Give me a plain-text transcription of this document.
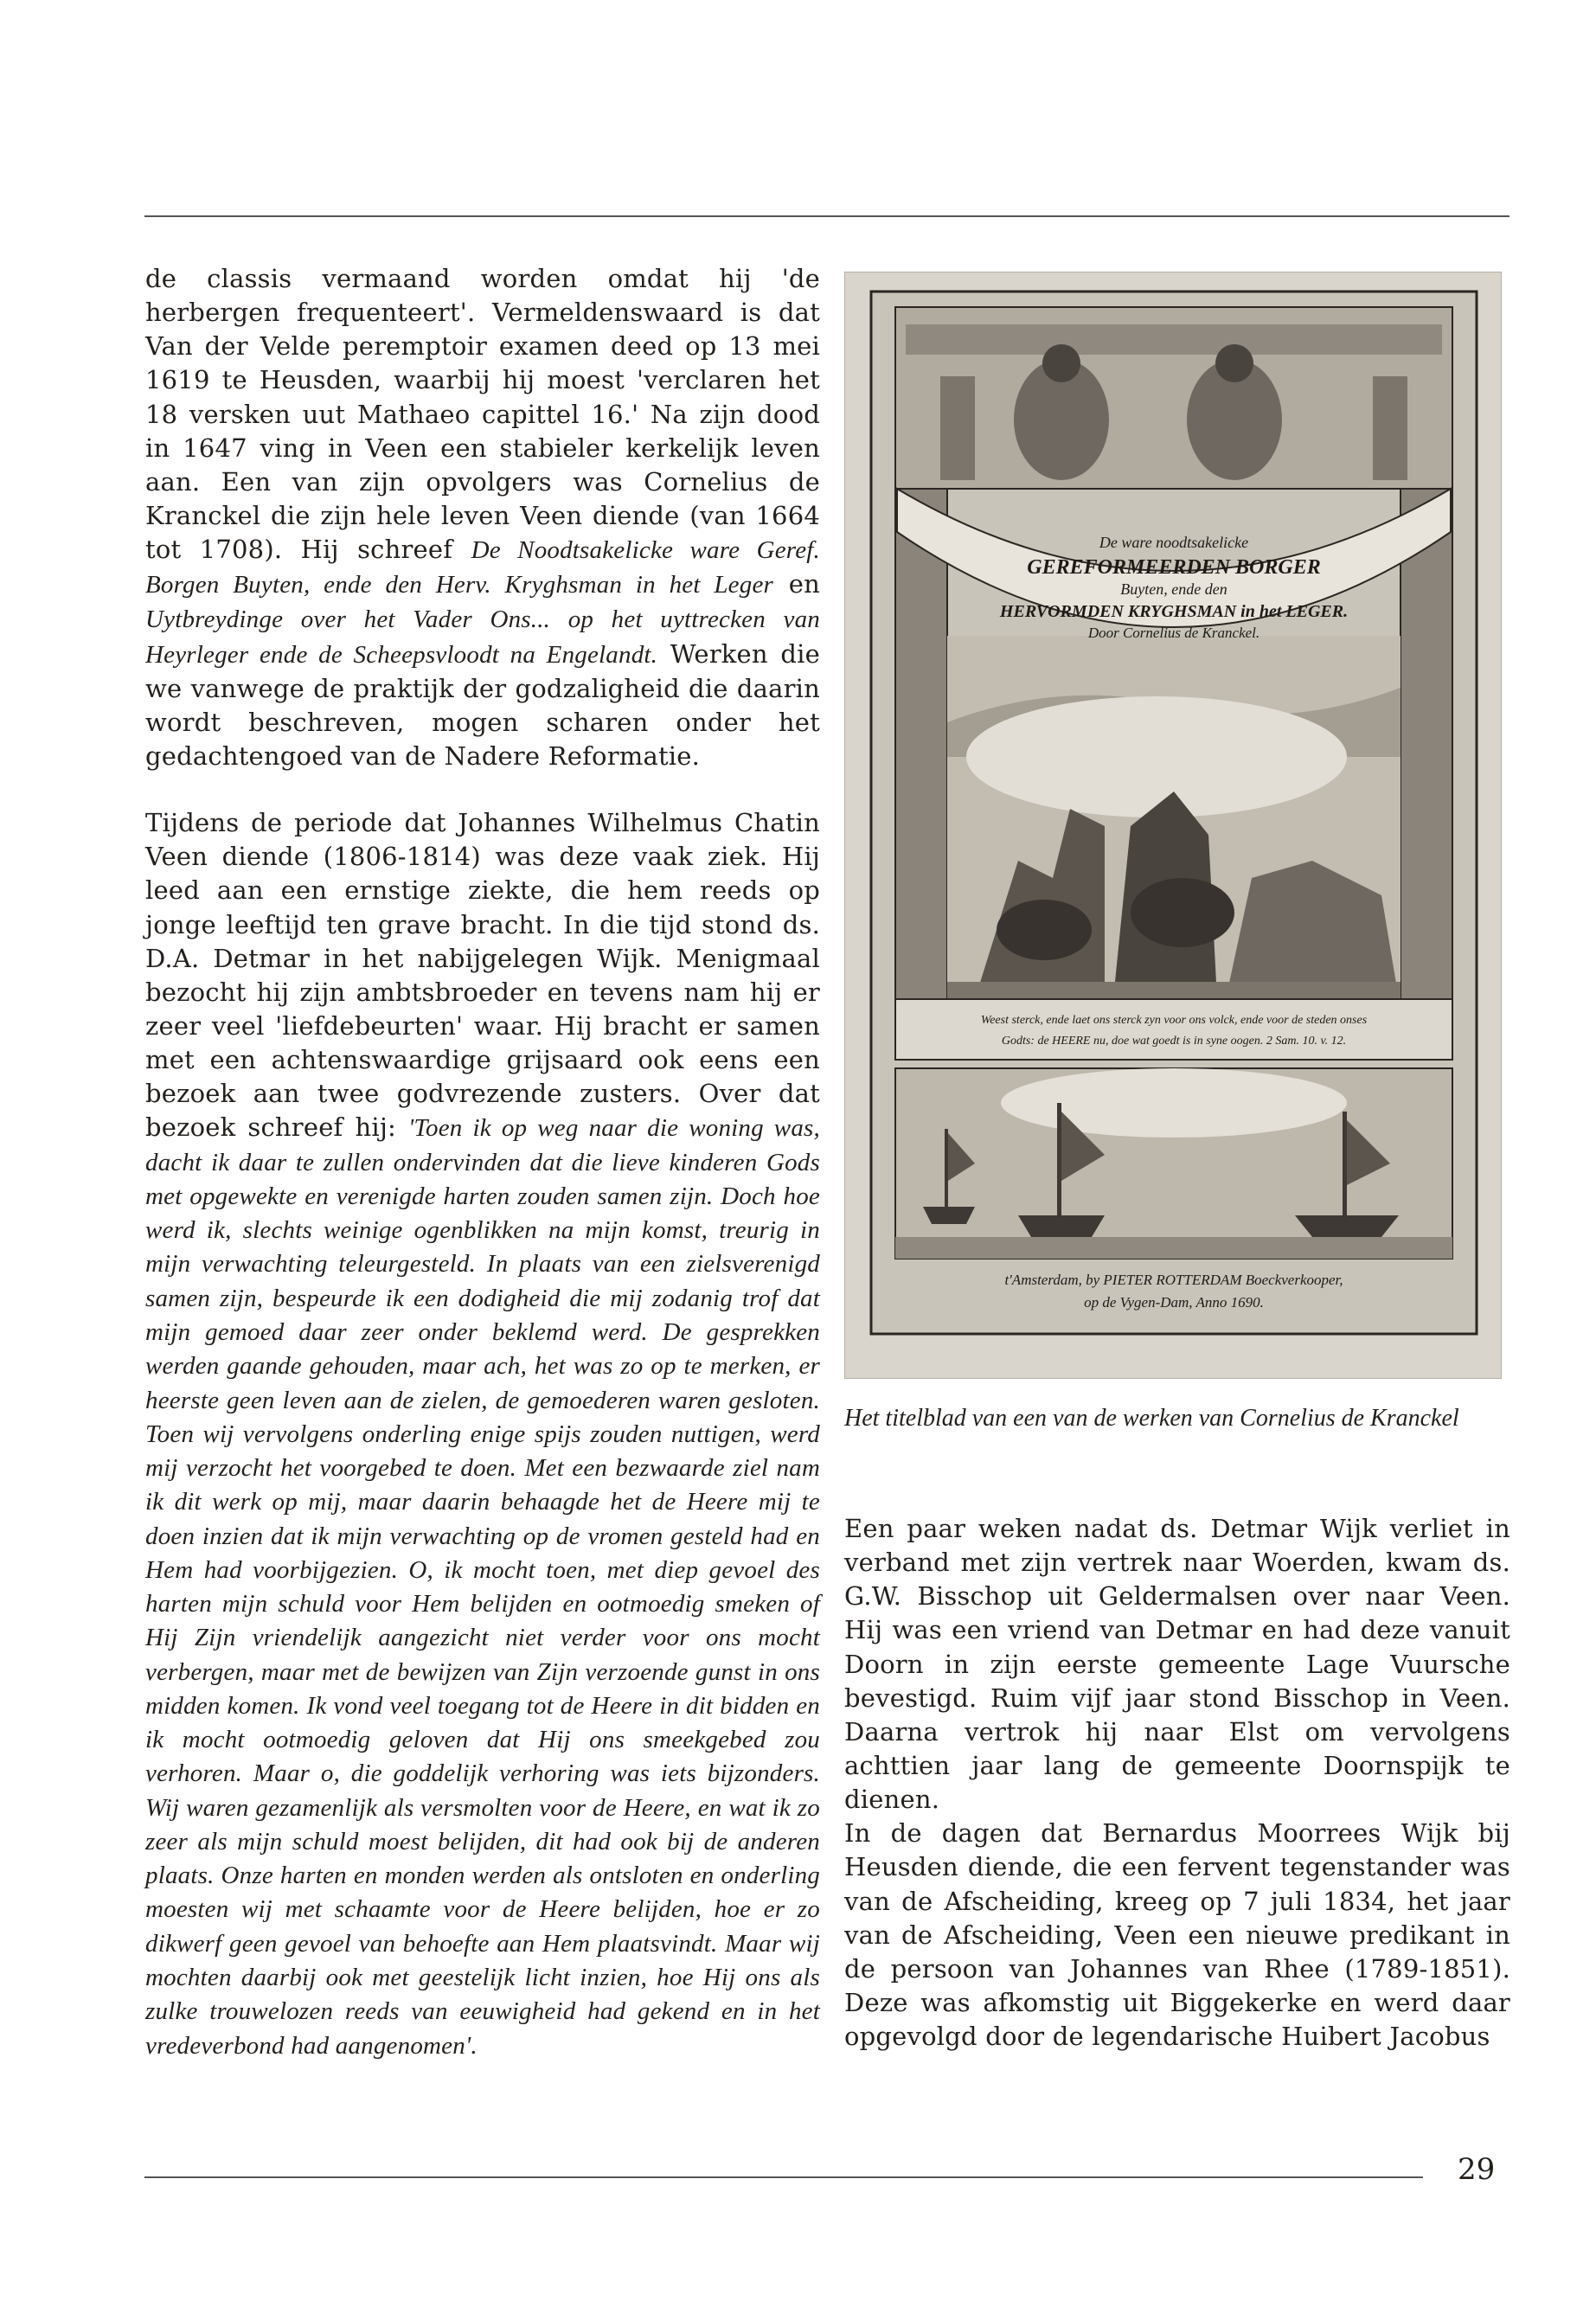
de classis vermaand worden omdat hij 'de herbergen frequenteert'. Vermeldenswaard is dat Van der Velde peremptoir examen deed op 13 mei 1619 te Heusden, waarbij hij moest 'verclaren het 18 versken uut Mathaeo capittel 16.' Na zijn dood in 1647 ving in Veen een stabieler kerkelijk leven aan. Een van zijn opvolgers was Cornelius de Kranckel die zijn hele leven Veen diende (van 1664 tot 1708). Hij schreef De Noodtsakelicke ware Geref. Borgen Buyten, ende den Herv. Kryghsman in het Leger en Uytbreydinge over het Vader Ons... op het uyttrecken van Heyrleger ende de Scheepsvloodt na Engelandt. Werken die we vanwege de praktijk der godzaligheid die daarin wordt beschreven, mogen scharen onder het gedachtengoed van de Nadere Reformatie.

Tijdens de periode dat Johannes Wilhelmus Chatin Veen diende (1806-1814) was deze vaak ziek. Hij leed aan een ernstige ziekte, die hem reeds op jonge leeftijd ten grave bracht. In die tijd stond ds. D.A. Detmar in het nabijgelegen Wijk. Menigmaal bezocht hij zijn ambtsbroeder en tevens nam hij er zeer veel 'liefdebeurten' waar. Hij bracht er samen met een achtenswaardige grijsaard ook eens een bezoek aan twee godvrezende zusters. Over dat bezoek schreef hij: 'Toen ik op weg naar die woning was, dacht ik daar te zullen ondervinden dat die lieve kinderen Gods met opgewekte en verenigde harten zouden samen zijn. Doch hoe werd ik, slechts weinige ogenblikken na mijn komst, treurig in mijn verwachting teleurgesteld. In plaats van een zielsverenigd samen zijn, bespeurde ik een dodigheid die mij zodanig trof dat mijn gemoed daar zeer onder beklemd werd. De gesprekken werden gaande gehouden, maar ach, het was zo op te merken, er heerste geen leven aan de zielen, de gemoederen waren gesloten. Toen wij vervolgens onderling enige spijs zouden nuttigen, werd mij verzocht het voorgebed te doen. Met een bezwaarde ziel nam ik dit werk op mij, maar daarin behaagde het de Heere mij te doen inzien dat ik mijn verwachting op de vromen gesteld had en Hem had voorbijgezien. O, ik mocht toen, met diep gevoel des harten mijn schuld voor Hem belijden en ootmoedig smeken of Hij Zijn vriendelijk aangezicht niet verder voor ons mocht verbergen, maar met de bewijzen van Zijn verzoende gunst in ons midden komen. Ik vond veel toegang tot de Heere in dit bidden en ik mocht ootmoedig geloven dat Hij ons smeekgebed zou verhoren. Maar o, die goddelijk verhoring was iets bijzonders. Wij waren gezamenlijk als versmolten voor de Heere, en wat ik zo zeer als mijn schuld moest belijden, dit had ook bij de anderen plaats. Onze harten en monden werden als ontsloten en onderling moesten wij met schaamte voor de Heere belijden, hoe er zo dikwerf geen gevoel van behoefte aan Hem plaatsvindt. Maar wij mochten daarbij ook met geestelijk licht inzien, hoe Hij ons als zulke trouwelozen reeds van eeuwigheid had gekend en in het vredeverbond had aangenomen'.

De ware noodtsakelicke
GEREFORMEERDEN BORGER
Buyten, ende den
HERVORMDEN KRYGHSMAN in het LEGER.
Door Cornelius de Kranckel.
Weest sterck, ende laet ons sterck zyn voor ons volck, ende voor de steden onses
Godts: de HEERE nu, doe wat goedt is in syne oogen. 2 Sam. 10. v. 12.
t'Amsterdam, by PIETER ROTTERDAM Boeckverkooper,
op de Vygen-Dam, Anno 1690.
Het titelblad van een van de werken van Cornelius de Kranckel

Een paar weken nadat ds. Detmar Wijk verliet in verband met zijn vertrek naar Woerden, kwam ds. G.W. Bisschop uit Geldermalsen over naar Veen. Hij was een vriend van Detmar en had deze vanuit Doorn in zijn eerste gemeente Lage Vuursche bevestigd. Ruim vijf jaar stond Bisschop in Veen. Daarna vertrok hij naar Elst om vervolgens achttien jaar lang de gemeente Doornspijk te dienen.

In de dagen dat Bernardus Moorrees Wijk bij Heusden diende, die een fervent tegenstander was van de Afscheiding, kreeg op 7 juli 1834, het jaar van de Afscheiding, Veen een nieuwe predikant in de persoon van Johannes van Rhee (1789-1851). Deze was afkomstig uit Biggekerke en werd daar opgevolgd door de legendarische Huibert Jacobus

29
